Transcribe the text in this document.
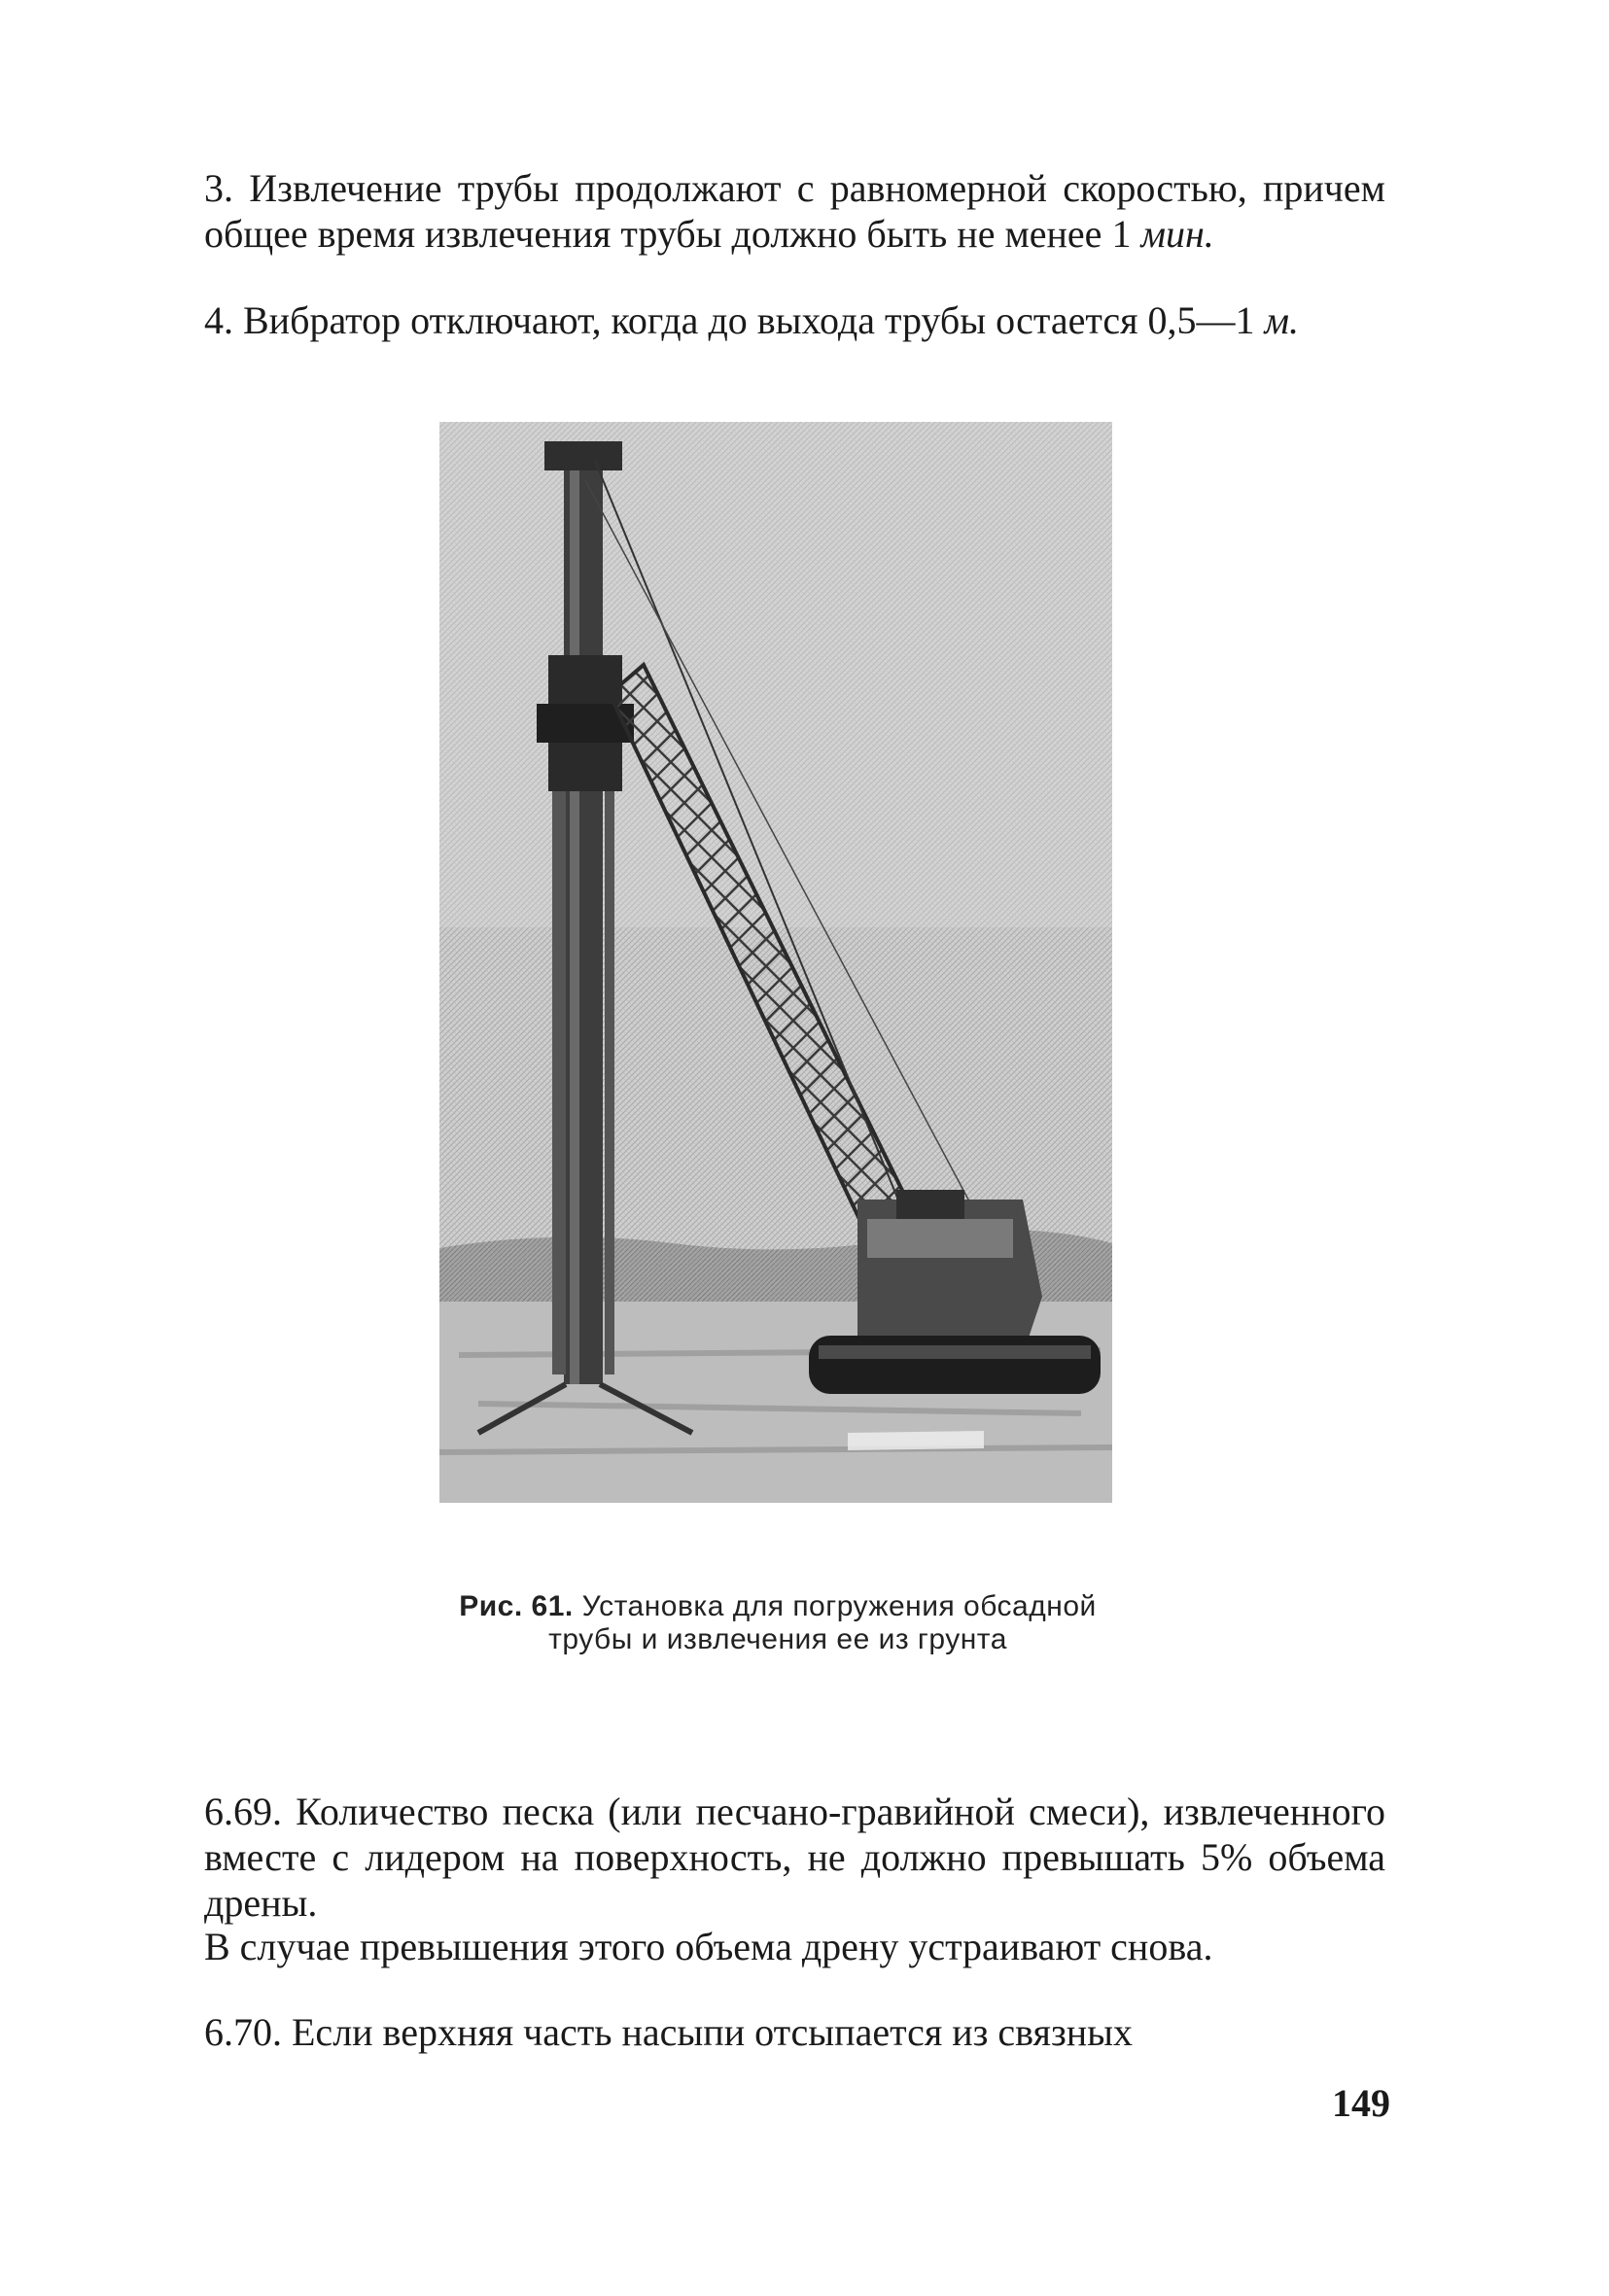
3. Извлечение трубы продолжают с равномерной скоростью, причем общее время извлечения трубы должно быть не менее 1 мин.

4. Вибратор отключают, когда до выхода трубы остается 0,5—1 м.

Рис. 61. Установка для погружения обсадной трубы и извлечения ее из грунта

6.69. Количество песка (или песчано-гравийной смеси), извлеченного вместе с лидером на поверхность, не должно превышать 5% объема дрены.

В случае превышения этого объема дрену устраивают снова.

6.70. Если верхняя часть насыпи отсыпается из связных

149
